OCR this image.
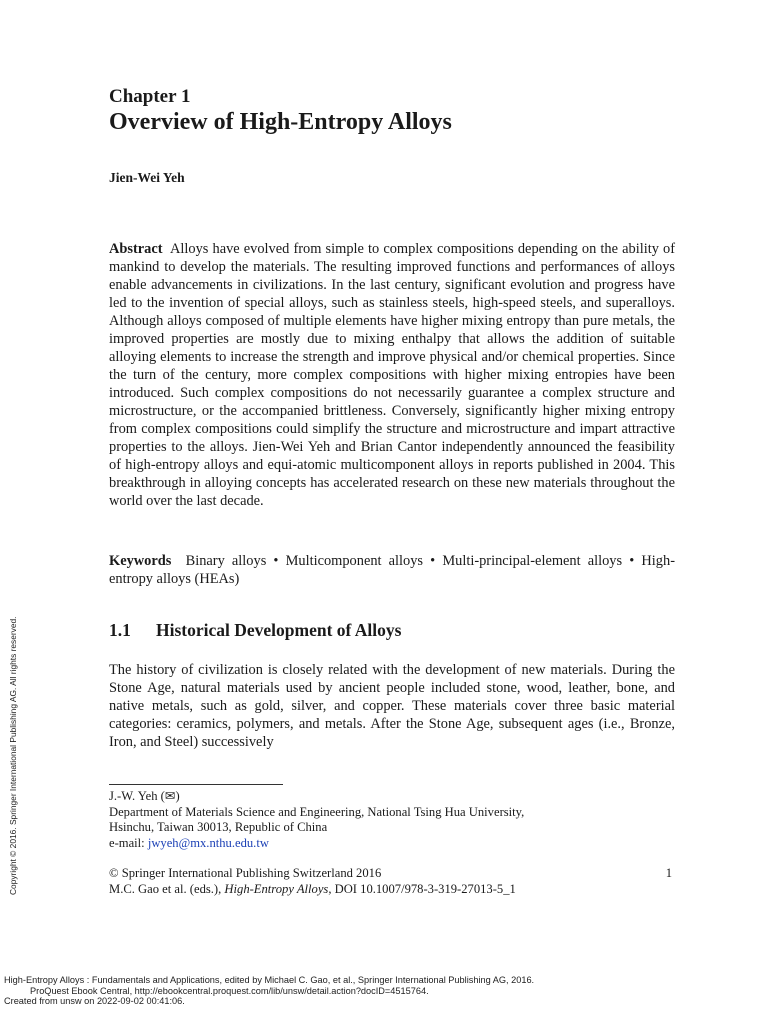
Chapter 1
Overview of High-Entropy Alloys
Jien-Wei Yeh
Abstract Alloys have evolved from simple to complex compositions depending on the ability of mankind to develop the materials. The resulting improved functions and performances of alloys enable advancements in civilizations. In the last century, significant evolution and progress have led to the invention of special alloys, such as stainless steels, high-speed steels, and superalloys. Although alloys composed of multiple elements have higher mixing entropy than pure metals, the improved properties are mostly due to mixing enthalpy that allows the addition of suitable alloying elements to increase the strength and improve physical and/or chemical properties. Since the turn of the century, more complex compositions with higher mixing entropies have been introduced. Such complex compositions do not necessarily guarantee a complex structure and microstructure, or the accompanied brittleness. Conversely, significantly higher mixing entropy from complex compositions could simplify the structure and microstructure and impart attractive properties to the alloys. Jien-Wei Yeh and Brian Cantor independently announced the feasibility of high-entropy alloys and equi-atomic multicomponent alloys in reports published in 2004. This breakthrough in alloying concepts has accelerated research on these new materials throughout the world over the last decade.
Keywords Binary alloys • Multicomponent alloys • Multi-principal-element alloys • High-entropy alloys (HEAs)
1.1 Historical Development of Alloys
The history of civilization is closely related with the development of new materials. During the Stone Age, natural materials used by ancient people included stone, wood, leather, bone, and native metals, such as gold, silver, and copper. These materials cover three basic material categories: ceramics, polymers, and metals. After the Stone Age, subsequent ages (i.e., Bronze, Iron, and Steel) successively
J.-W. Yeh (✉)
Department of Materials Science and Engineering, National Tsing Hua University,
Hsinchu, Taiwan 30013, Republic of China
e-mail: jwyeh@mx.nthu.edu.tw
© Springer International Publishing Switzerland 2016
M.C. Gao et al. (eds.), High-Entropy Alloys, DOI 10.1007/978-3-319-27013-5_1
1
Copyright © 2016. Springer International Publishing AG. All rights reserved.
High-Entropy Alloys : Fundamentals and Applications, edited by Michael C. Gao, et al., Springer International Publishing AG, 2016.
ProQuest Ebook Central, http://ebookcentral.proquest.com/lib/unsw/detail.action?docID=4515764.
Created from unsw on 2022-09-02 00:41:06.
